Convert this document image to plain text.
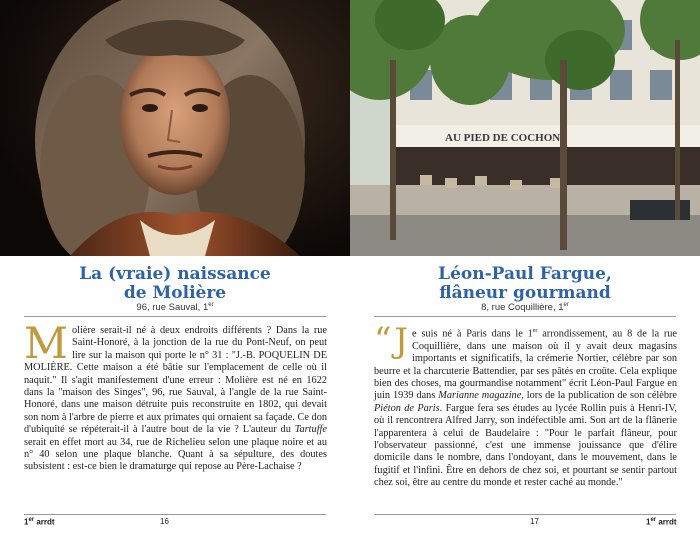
La (vraie) naissance
de Molière
96, rue Sauval, 1er
Molière serait-il né à deux endroits différents ? Dans la rue Saint-Honoré, à la jonction de la rue du Pont-Neuf, on peut lire sur la maison qui porte le n° 31 : "J.-B. POQUELIN DE MOLIÈRE. Cette maison a été bâtie sur l'emplacement de celle où il naquit." Il s'agit manifestement d'une erreur : Molière est né en 1622 dans la "maison des Singes", 96, rue Sauval, à l'angle de la rue Saint-Honoré, dans une maison détruite puis reconstruite en 1802, qui devait son nom à l'arbre de pierre et aux primates qui ornaient sa façade. Ce don d'ubiquité se répéterait-il à l'autre bout de la vie ? L'auteur du Tartuffe serait en effet mort au 34, rue de Richelieu selon une plaque noire et au n° 40 selon une plaque blanche. Quant à sa sépulture, des doutes subsistent : est-ce bien le dramaturge qui repose au Père-Lachaise ?
1er arrdt	16
AU PIED DE COCHON
Léon-Paul Fargue,
flâneur gourmand
8, rue Coquillière, 1er
“ J e suis né à Paris dans le 1er arrondissement, au 8 de la rue Coquillière, dans une maison où il y avait deux magasins importants et significatifs, la crémerie Nortier, célèbre par son beurre et la charcuterie Battendier, par ses pâtés en croûte. Cela explique bien des choses, ma gourmandise notamment" écrit Léon-Paul Fargue en juin 1939 dans Marianne magazine, lors de la publication de son célèbre Piéton de Paris. Fargue fera ses études au lycée Rollin puis à Henri-IV, où il rencontrera Alfred Jarry, son indéfectible ami. Son art de la flânerie l'apparentera à celui de Baudelaire : "Pour le parfait flâneur, pour l'observateur passionné, c'est une immense jouissance que d'élire domicile dans le nombre, dans l'ondoyant, dans le mouvement, dans le fugitif et l'infini. Être en dehors de chez soi, et pourtant se sentir partout chez soi, être au centre du monde et rester caché au monde."
17	1er arrdt
